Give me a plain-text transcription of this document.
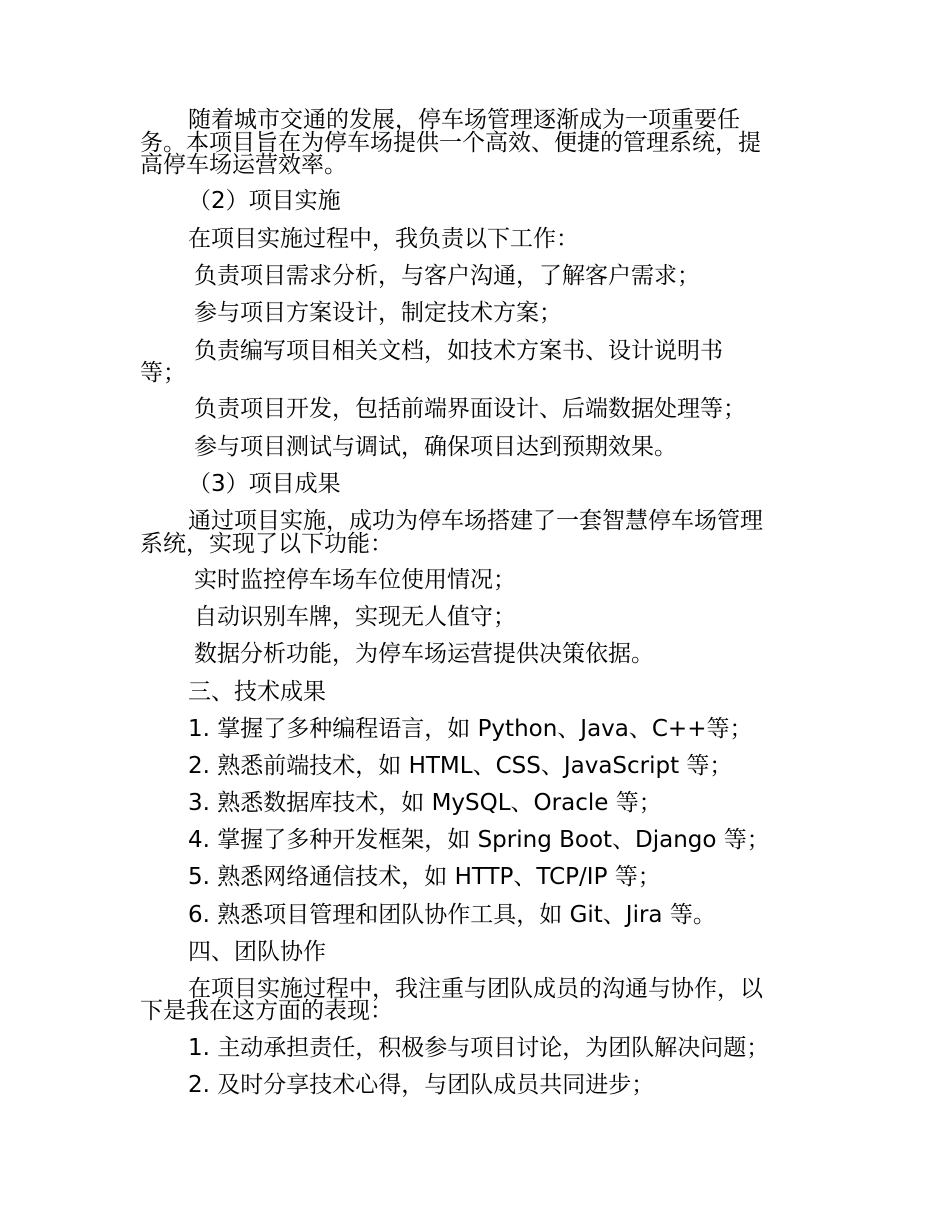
随着城市交通的发展，停车场管理逐渐成为一项重要任

务。本项目旨在为停车场提供一个高效、便捷的管理系统，提

高停车场运营效率。

（2）项目实施

在项目实施过程中，我负责以下工作：

负责项目需求分析，与客户沟通，了解客户需求；

参与项目方案设计，制定技术方案；

负责编写项目相关文档，如技术方案书、设计说明书

等；

负责项目开发，包括前端界面设计、后端数据处理等；

参与项目测试与调试，确保项目达到预期效果。

（3）项目成果

通过项目实施，成功为停车场搭建了一套智慧停车场管理

系统，实现了以下功能：

实时监控停车场车位使用情况；

自动识别车牌，实现无人值守；

数据分析功能，为停车场运营提供决策依据。

三、技术成果

1. 掌握了多种编程语言，如 Python、Java、C++等；

2. 熟悉前端技术，如 HTML、CSS、JavaScript 等；

3. 熟悉数据库技术，如 MySQL、Oracle 等；

4. 掌握了多种开发框架，如 Spring Boot、Django 等；

5. 熟悉网络通信技术，如 HTTP、TCP/IP 等；

6. 熟悉项目管理和团队协作工具，如 Git、Jira 等。

四、团队协作

在项目实施过程中，我注重与团队成员的沟通与协作，以

下是我在这方面的表现：

1. 主动承担责任，积极参与项目讨论，为团队解决问题；

2. 及时分享技术心得，与团队成员共同进步；
